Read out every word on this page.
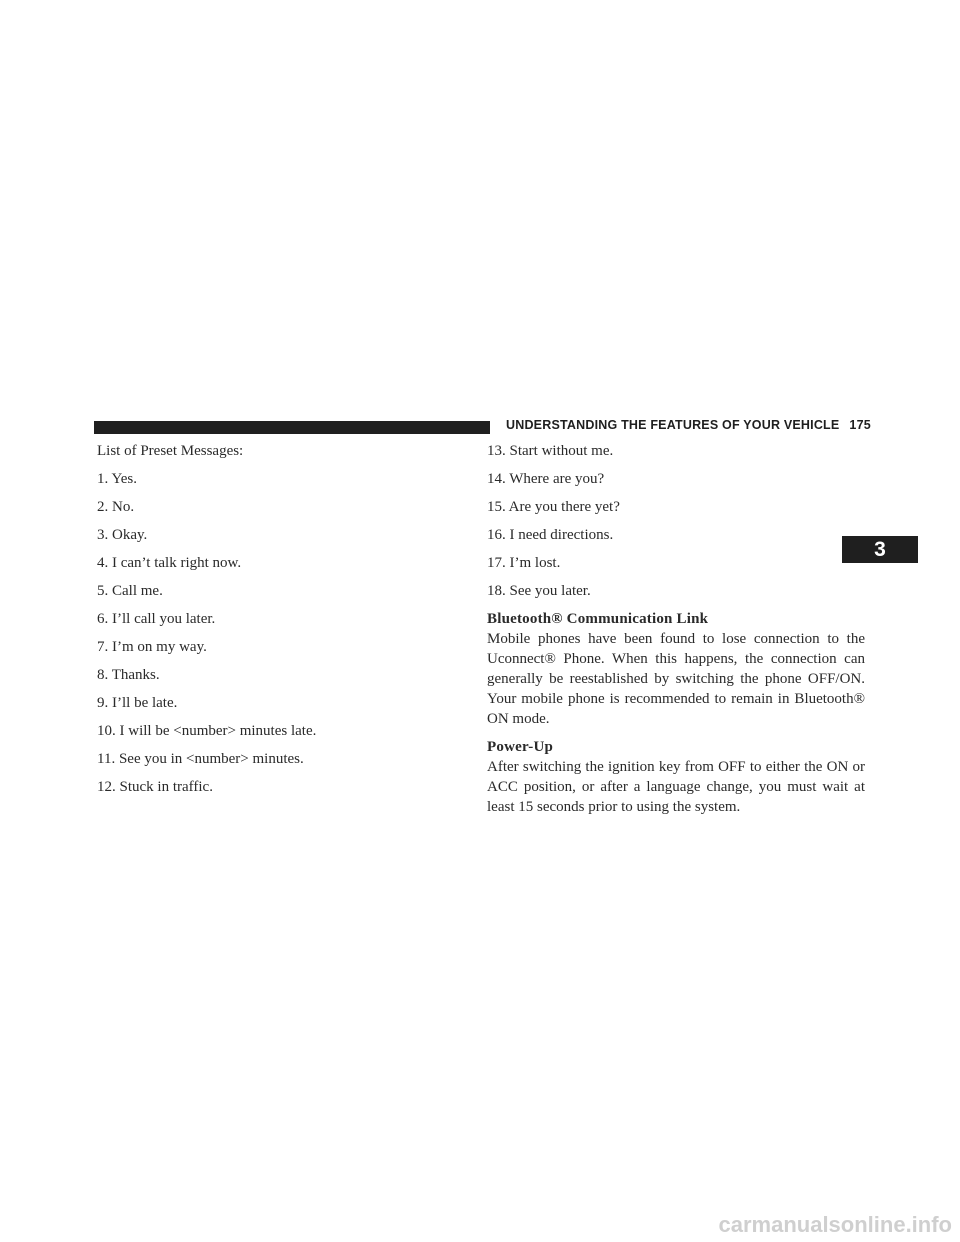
UNDERSTANDING THE FEATURES OF YOUR VEHICLE 175

List of Preset Messages:

1. Yes.

2. No.

3. Okay.

4. I can’t talk right now.

5. Call me.

6. I’ll call you later.

7. I’m on my way.

8. Thanks.

9. I’ll be late.

10. I will be <number> minutes late.

11. See you in <number> minutes.

12. Stuck in traffic.

13. Start without me.

14. Where are you?

15. Are you there yet?

16. I need directions.

17. I’m lost.

18. See you later.

Bluetooth® Communication Link

Mobile phones have been found to lose connection to the Uconnect® Phone. When this happens, the connection can generally be reestablished by switching the phone OFF/ON. Your mobile phone is recommended to remain in Bluetooth® ON mode.

Power-Up

After switching the ignition key from OFF to either the ON or ACC position, or after a language change, you must wait at least 15 seconds prior to using the system.

3
carmanualsonline.info
